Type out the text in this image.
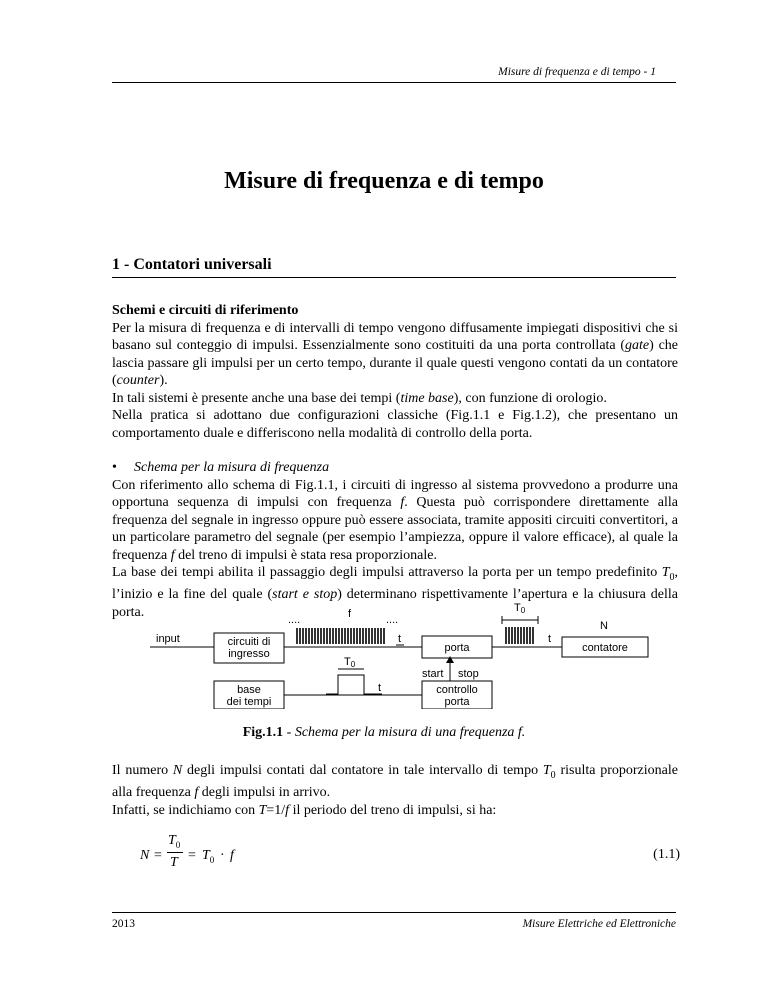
Misure di frequenza e di tempo - 1
Misure di frequenza e di tempo
1 - Contatori universali

Schemi e circuiti di riferimento

Per la misura di frequenza e di intervalli di tempo vengono diffusamente impiegati dispositivi che si basano sul conteggio di impulsi. Essenzialmente sono costituiti da una porta controllata (gate) che lascia passare gli impulsi per un certo tempo, durante il quale questi vengono contati da un contatore (counter).

In tali sistemi è presente anche una base dei tempi (time base), con funzione di orologio.

Nella pratica si adottano due configurazioni classiche (Fig.1.1 e Fig.1.2), che presentano un comportamento duale e differiscono nella modalità di controllo della porta.

• Schema per la misura di frequenza

Con riferimento allo schema di Fig.1.1, i circuiti di ingresso al sistema provvedono a produrre una opportuna sequenza di impulsi con frequenza f. Questa può corrispondere direttamente alla frequenza del segnale in ingresso oppure può essere associata, tramite appositi circuiti convertitori, a un particolare parametro del segnale (per esempio l’ampiezza, oppure il valore efficace), al quale la frequenza f del treno di impulsi è stata resa proporzionale.

La base dei tempi abilita il passaggio degli impulsi attraverso la porta per un tempo predefinito $T_0$, l’inizio e la fine del quale (start e stop) determinano rispettivamente l’apertura e la chiusura della porta.

input	circuiti di
ingresso
base
dei tempi
porta
controllo
porta
contatore
f
....	....
T0
T0
N
t	t
t
start stop
Fig.1.1 - Schema per la misura di una frequenza f.

Il numero N degli impulsi contati dal contatore in tale intervallo di tempo $T_0$ risulta proporzionale alla frequenza f degli impulsi in arrivo.

Infatti, se indichiamo con T=1/f il periodo del treno di impulsi, si ha:

N =
$T_0$
$T = T_0 \cdot f$	(1.1)
2013	Misure Elettriche ed Elettroniche
